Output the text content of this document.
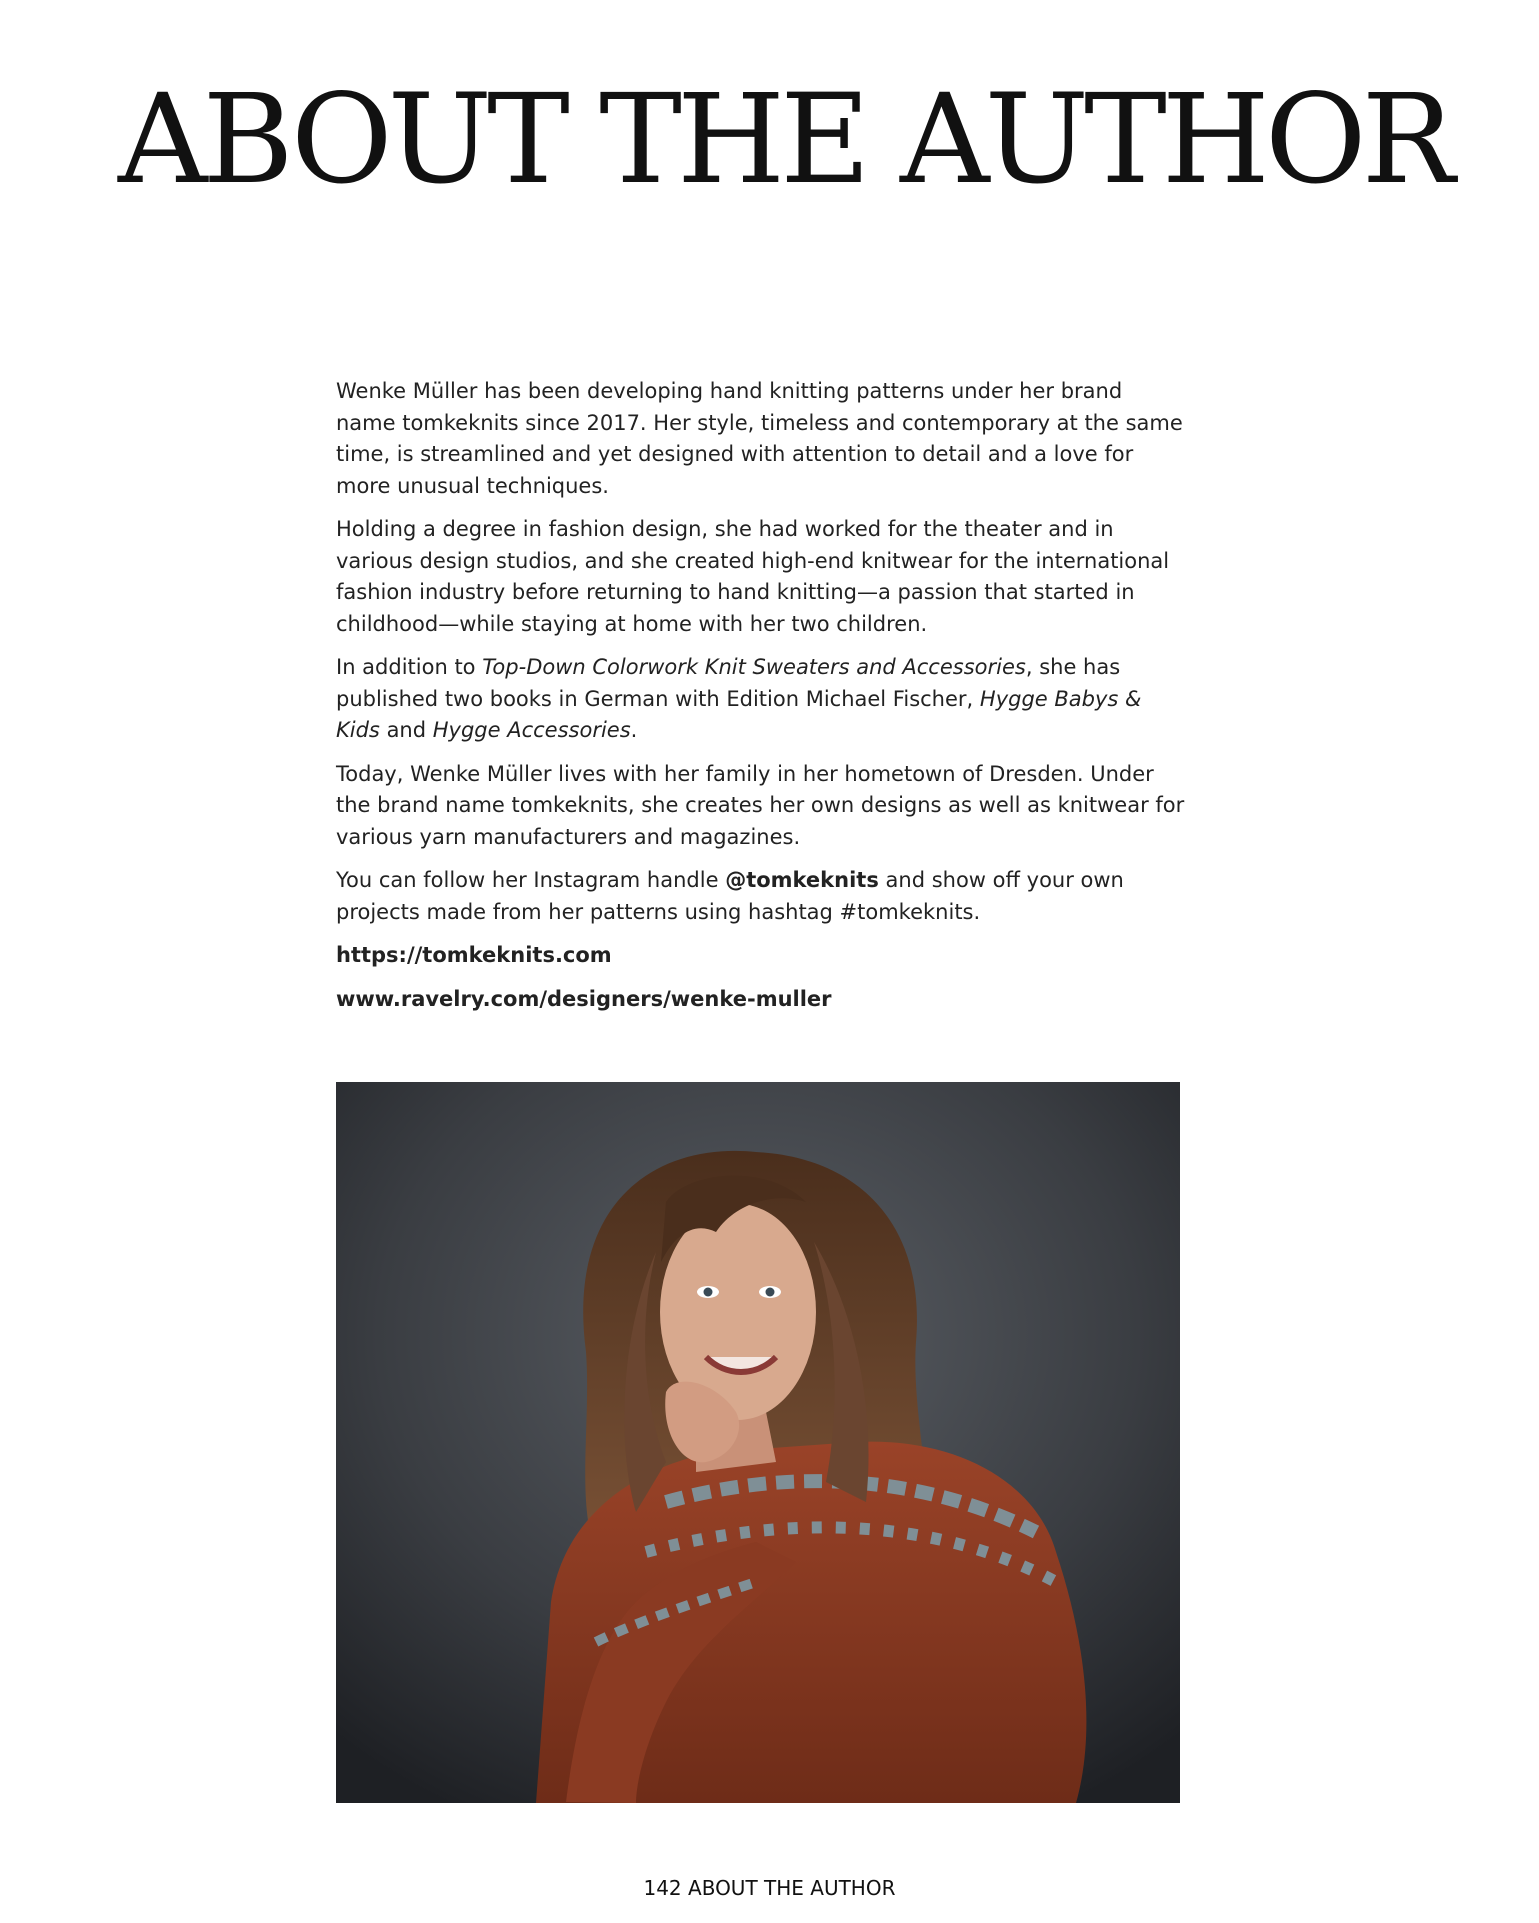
ABOUT THE AUTHOR

Wenke Müller has been developing hand knitting patterns under her brand name tomkeknits since 2017. Her style, timeless and contemporary at the same time, is streamlined and yet designed with attention to detail and a love for more unusual techniques.

Holding a degree in fashion design, she had worked for the theater and in various design studios, and she created high-end knitwear for the international fashion industry before returning to hand knitting—a passion that started in childhood—while staying at home with her two children.

In addition to Top-Down Colorwork Knit Sweaters and Accessories, she has published two books in German with Edition Michael Fischer, Hygge Babys & Kids and Hygge Accessories.

Today, Wenke Müller lives with her family in her hometown of Dresden. Under the brand name tomkeknits, she creates her own designs as well as knitwear for various yarn manufacturers and magazines.

You can follow her Instagram handle @tomkeknits and show off your own projects made from her patterns using hashtag #tomkeknits.

https://tomkeknits.com
www.ravelry.com/designers/wenke-muller
142 ABOUT THE AUTHOR
